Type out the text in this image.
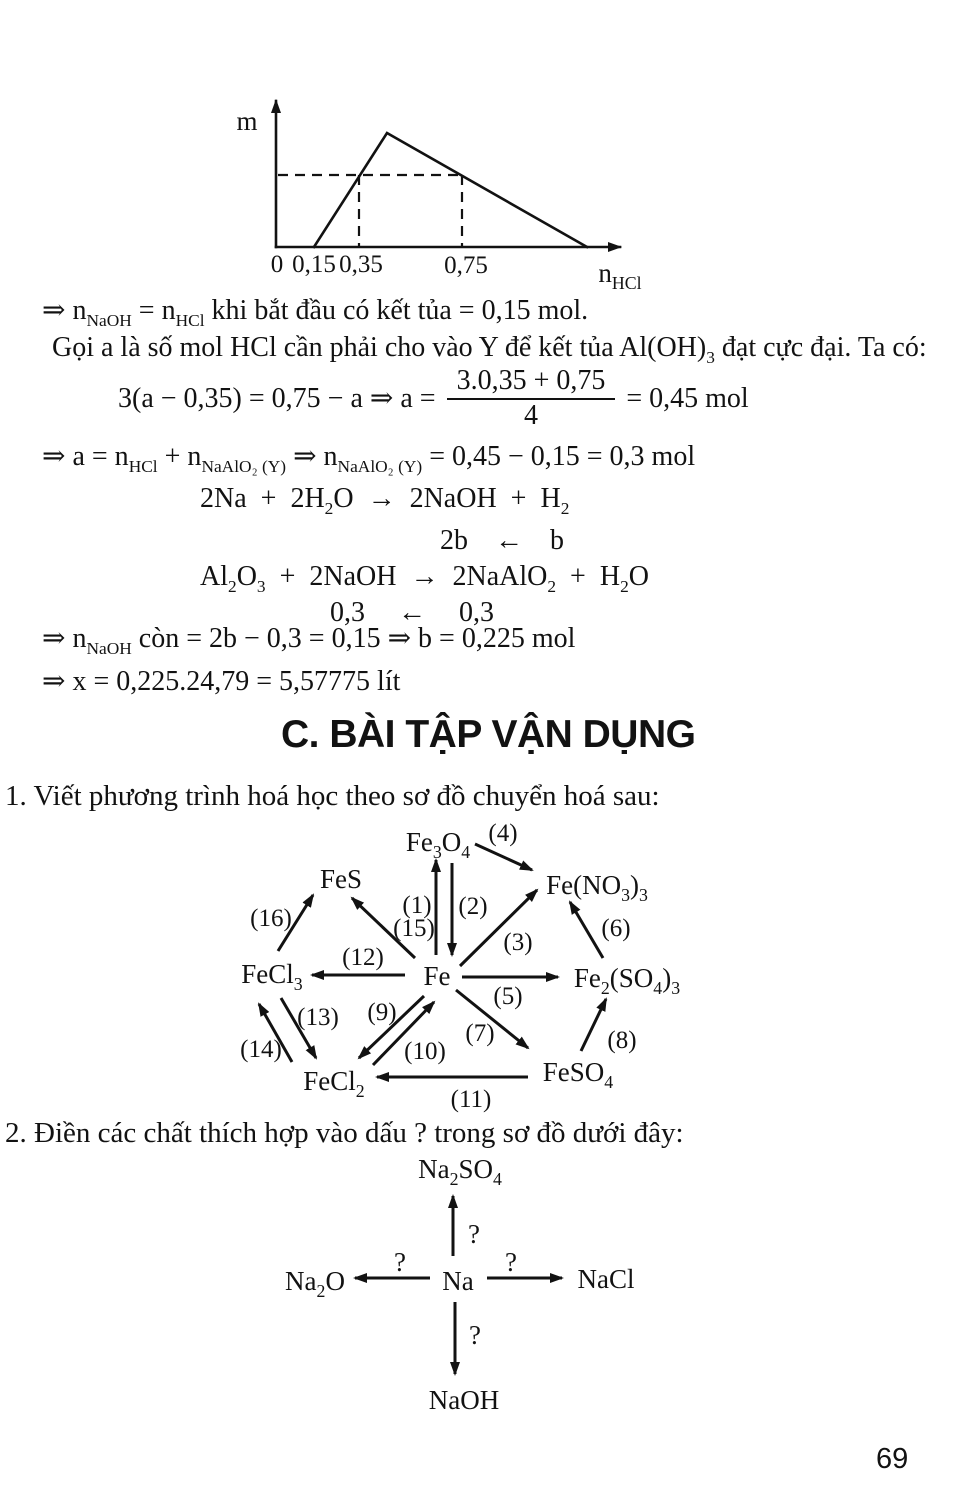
m
$n_{HCl}$
0 0,15 0,35 0,75
⇒ $n_{NaOH} = n_{HCl}$ khi bắt đầu có kết tủa = 0,15 mol.
Gọi a là số mol HCl cần phải cho vào Y để kết tủa $Al(OH)_3$ đạt cực đại. Ta có:
3(a − 0,35) = 0,75 − a ⇒ $a = \frac{3.0,35 + 0,75}{4} = 0,45$ mol
⇒ $a = n_{HCl} + n_{NaAlO_2 (Y)}$ ⇒ $n_{NaAlO_2 (Y)} = 0,45 - 0,15 = 0,3$ mol
$2Na + 2H_2O$ → 2NaOH + $H_2$
2b ← b
$Al_2O_3$ + 2NaOH → 2NaAlO$_2$ + $H_2O$
0,3 ← 0,3
⇒ $n_{NaOH}$ còn = 2b − 0,3 = 0,15 ⇒ b = 0,225 mol
⇒ x = 0,225.24,79 = 5,57775 lít
C. BÀI TẬP VẬN DỤNG
1. Viết phương trình hoá học theo sơ đồ chuyển hoá sau:
$Fe_3O_4$
FeS	$Fe(NO_3)_3$
FeCl$_3$	Fe	$Fe_2(SO_4)_3$
FeCl$_2$
FeSO$_4$
(4)
(1) (2)
(15)
(16)
(3)
(6)
(12)
(5)
(13) (9)
(14)	(10)
(7)	(8)
(11)
2. Điền các chất thích hợp vào dấu ? trong sơ đồ dưới đây:
$Na_2SO_4$
$Na_2O$	Na	NaCl
NaOH
?
?	?
?
69
